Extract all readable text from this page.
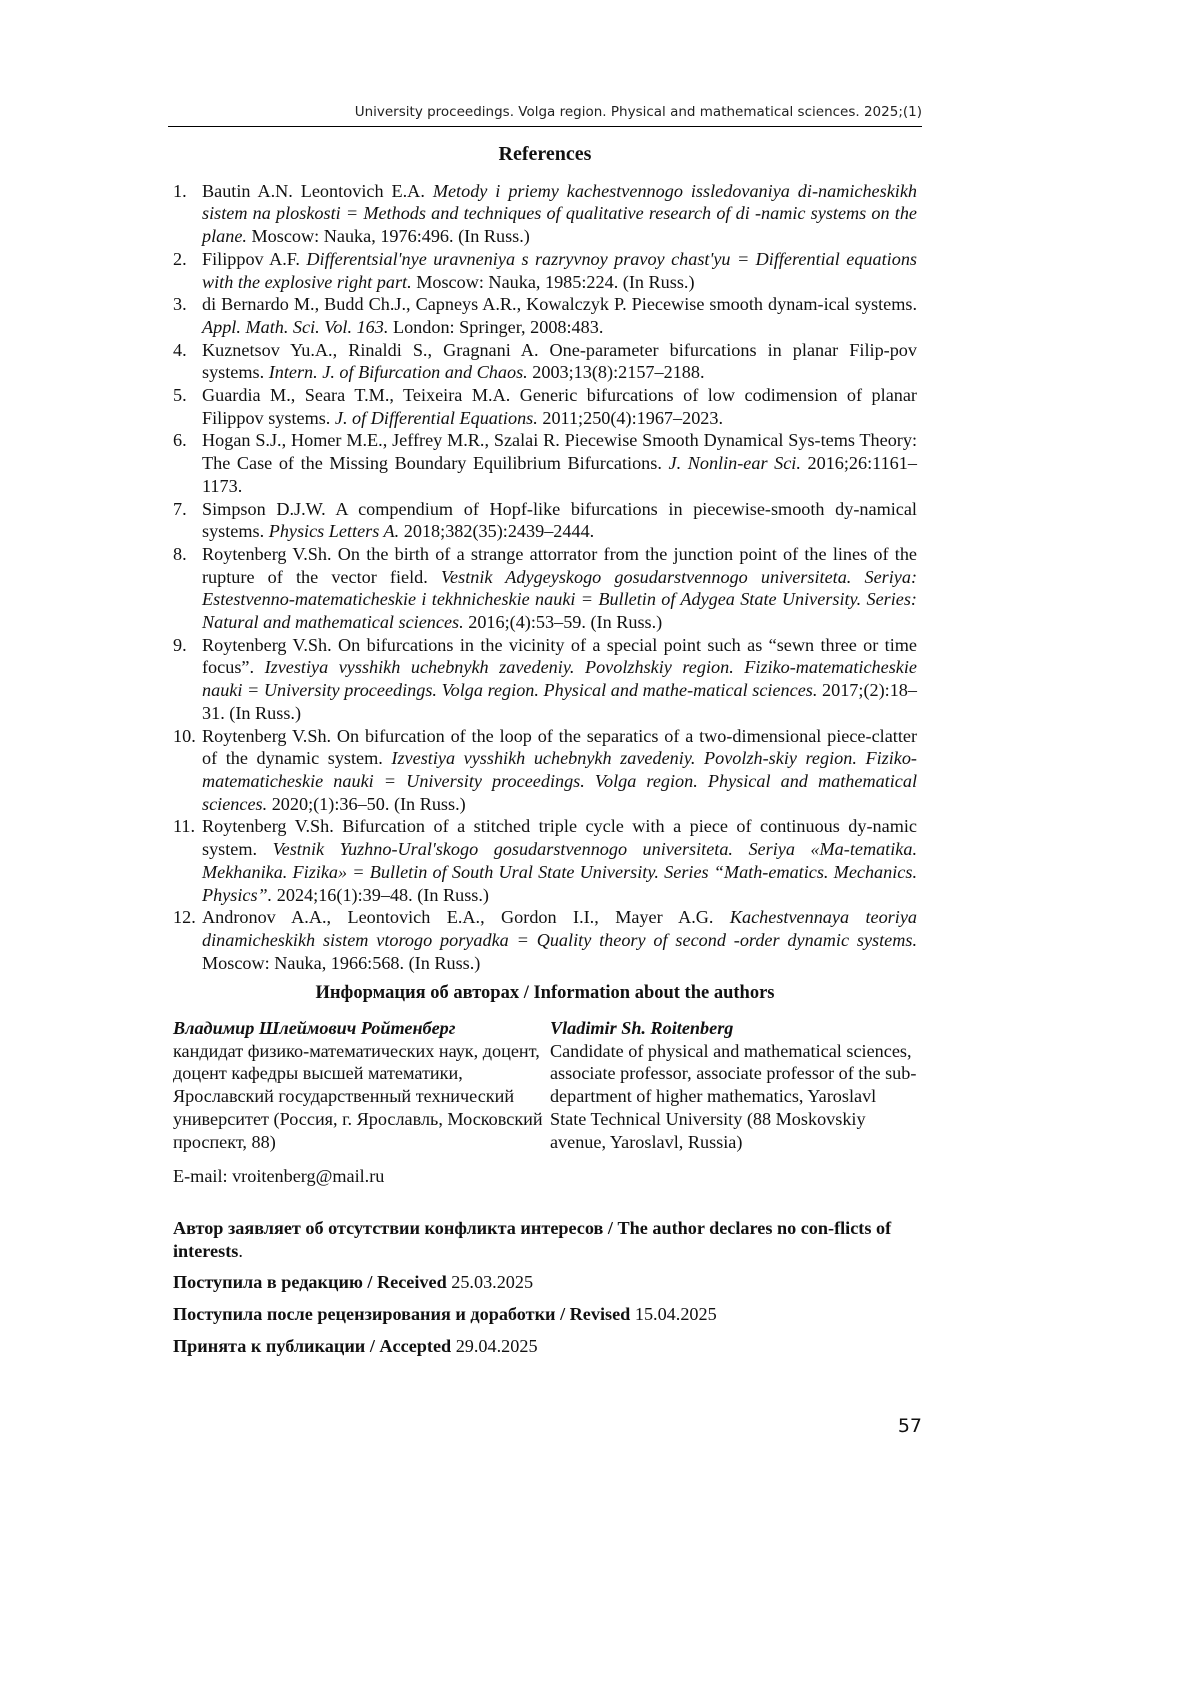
University proceedings. Volga region. Physical and mathematical sciences. 2025;(1)
References
1. Bautin A.N. Leontovich E.A. Metody i priemy kachestvennogo issledovaniya di-namicheskikh sistem na ploskosti = Methods and techniques of qualitative research of di -namic systems on the plane. Moscow: Nauka, 1976:496. (In Russ.)
2. Filippov A.F. Differentsial'nye uravneniya s razryvnoy pravoy chast'yu = Differential equations with the explosive right part. Moscow: Nauka, 1985:224. (In Russ.)
3. di Bernardo M., Budd Ch.J., Capneys A.R., Kowalczyk P. Piecewise smooth dynam-ical systems. Appl. Math. Sci. Vol. 163. London: Springer, 2008:483.
4. Kuznetsov Yu.A., Rinaldi S., Gragnani A. One-parameter bifurcations in planar Filip-pov systems. Intern. J. of Bifurcation and Chaos. 2003;13(8):2157–2188.
5. Guardia M., Seara T.M., Teixeira M.A. Generic bifurcations of low codimension of planar Filippov systems. J. of Differential Equations. 2011;250(4):1967–2023.
6. Hogan S.J., Homer M.E., Jeffrey M.R., Szalai R. Piecewise Smooth Dynamical Sys-tems Theory: The Case of the Missing Boundary Equilibrium Bifurcations. J. Nonlin-ear Sci. 2016;26:1161–1173.
7. Simpson D.J.W. A compendium of Hopf-like bifurcations in piecewise-smooth dy-namical systems. Physics Letters A. 2018;382(35):2439–2444.
8. Roytenberg V.Sh. On the birth of a strange attorrator from the junction point of the lines of the rupture of the vector field. Vestnik Adygeyskogo gosudarstvennogo universiteta. Seriya: Estestvenno-matematicheskie i tekhnicheskie nauki = Bulletin of Adygea State University. Series: Natural and mathematical sciences. 2016;(4):53–59. (In Russ.)
9. Roytenberg V.Sh. On bifurcations in the vicinity of a special point such as “sewn three or time focus”. Izvestiya vysshikh uchebnykh zavedeniy. Povolzhskiy region. Fiziko-matematicheskie nauki = University proceedings. Volga region. Physical and mathe-matical sciences. 2017;(2):18–31. (In Russ.)
10. Roytenberg V.Sh. On bifurcation of the loop of the separatics of a two-dimensional piece-clatter of the dynamic system. Izvestiya vysshikh uchebnykh zavedeniy. Povolzh-skiy region. Fiziko-matematicheskie nauki = University proceedings. Volga region. Physical and mathematical sciences. 2020;(1):36–50. (In Russ.)
11. Roytenberg V.Sh. Bifurcation of a stitched triple cycle with a piece of continuous dy-namic system. Vestnik Yuzhno-Ural'skogo gosudarstvennogo universiteta. Seriya «Ma-tematika. Mekhanika. Fizika» = Bulletin of South Ural State University. Series “Math-ematics. Mechanics. Physics”. 2024;16(1):39–48. (In Russ.)
12. Andronov A.A., Leontovich E.A., Gordon I.I., Mayer A.G. Kachestvennaya teoriya dinamicheskikh sistem vtorogo poryadka = Quality theory of second -order dynamic systems. Moscow: Nauka, 1966:568. (In Russ.)
Информация об авторах / Information about the authors
Владимир Шлеймович Ройтенберг
кандидат физико-математических наук, доцент, доцент кафедры высшей математики, Ярославский государственный технический университет (Россия, г. Ярославль, Московский проспект, 88)
Vladimir Sh. Roitenberg
Candidate of physical and mathematical sciences, associate professor, associate professor of the sub-department of higher mathematics, Yaroslavl State Technical University (88 Moskovskiy avenue, Yaroslavl, Russia)
E-mail: vroitenberg@mail.ru
Автор заявляет об отсутствии конфликта интересов / The author declares no con-flicts of interests.
Поступила в редакцию / Received 25.03.2025
Поступила после рецензирования и доработки / Revised 15.04.2025
Принята к публикации / Accepted 29.04.2025
57
